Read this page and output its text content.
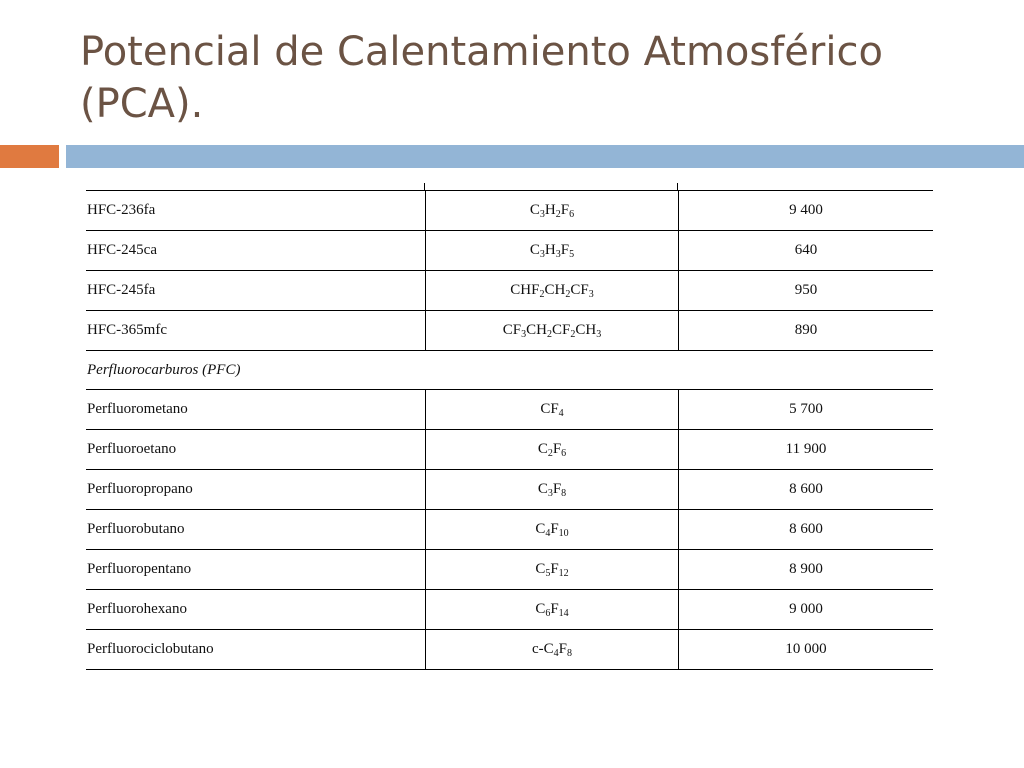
Potencial de Calentamiento Atmosférico (PCA).
HFC-236fa	$C_3H_2F_6$	9 400
HFC-245ca	$C_3H_3F_5$	640
HFC-245fa	$CHF_2CH_2CF_3$	950
HFC-365mfc	$CF_3CH_2CF_2CH_3$	890
Perfluorocarburos (PFC)		
Perfluorometano	$CF_4$	5 700
Perfluoroetano	$C_2F_6$	11 900
Perfluoropropano	$C_3F_8$	8 600
Perfluorobutano	$C_4F_{10}$	8 600
Perfluoropentano	$C_5F_{12}$	8 900
Perfluorohexano	$C_6F_{14}$	9 000
Perfluorociclobutano	$c-C_4F_8$	10 000
